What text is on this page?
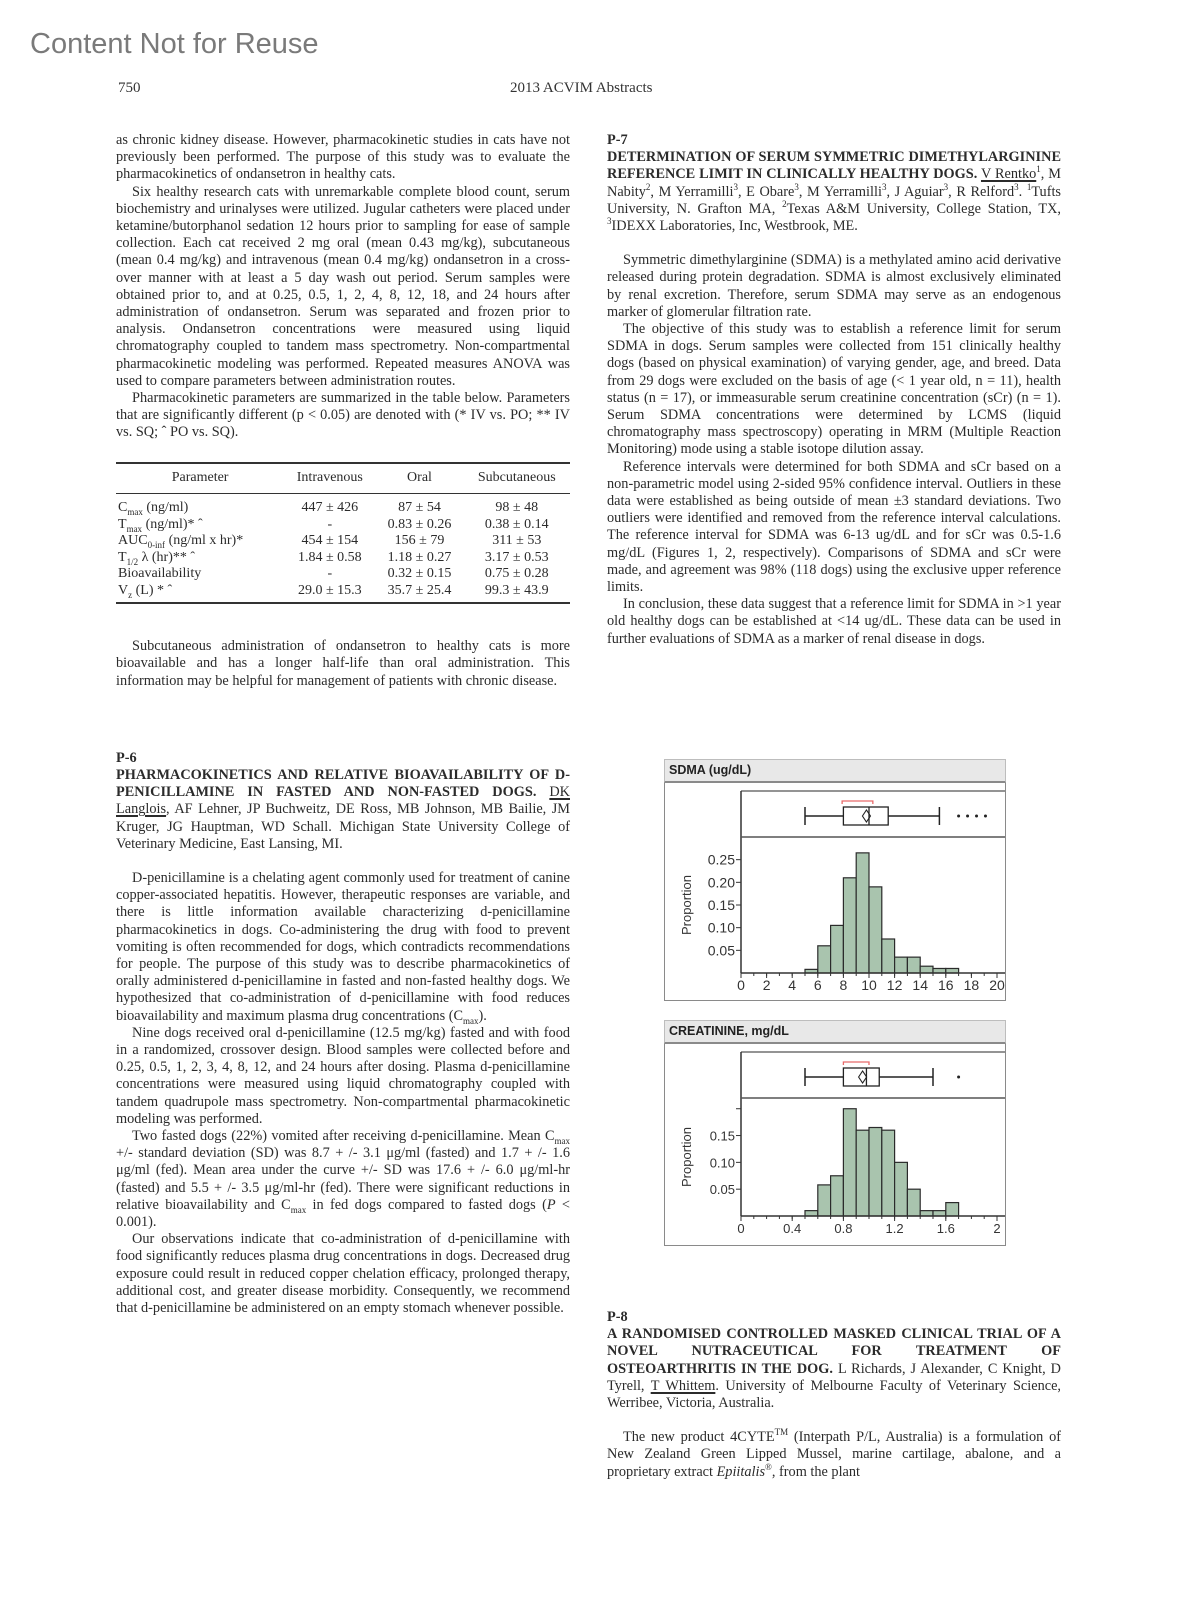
Content Not for Reuse
750	2013 ACVIM Abstracts

as chronic kidney disease. However, pharmacokinetic studies in cats have not previously been performed. The purpose of this study was to evaluate the pharmacokinetics of ondansetron in healthy cats.

Six healthy research cats with unremarkable complete blood count, serum biochemistry and urinalyses were utilized. Jugular catheters were placed under ketamine/butorphanol sedation 12 hours prior to sampling for ease of sample collection. Each cat received 2 mg oral (mean 0.43 mg/kg), subcutaneous (mean 0.4 mg/kg) and intravenous (mean 0.4 mg/kg) ondansetron in a cross-over manner with at least a 5 day wash out period. Serum samples were obtained prior to, and at 0.25, 0.5, 1, 2, 4, 8, 12, 18, and 24 hours after administration of ondansetron. Serum was separated and frozen prior to analysis. Ondansetron concentrations were measured using liquid chromatography coupled to tandem mass spectrometry. Non-compartmental pharmacokinetic modeling was performed. Repeated measures ANOVA was used to compare parameters between administration routes.

Pharmacokinetic parameters are summarized in the table below. Parameters that are significantly different (p < 0.05) are denoted with (* IV vs. PO; ** IV vs. SQ; ˆ PO vs. SQ).

Parameter	Intravenous	Oral	Subcutaneous
$C_{max}$ (ng/ml)	447 ± 426	87 ± 54	98 ± 48
$T_{max}$ (ng/ml)* ˆ	-	0.83 ± 0.26	0.38 ± 0.14
$AUC_{0-inf}$ (ng/ml x hr)*	454 ± 154	156 ± 79	311 ± 53
$T_{1/2}$ λ (hr)** ˆ	1.84 ± 0.58	1.18 ± 0.27	3.17 ± 0.53
Bioavailability	-	0.32 ± 0.15	0.75 ± 0.28
$V_z$ (L) * ˆ	29.0 ± 15.3	35.7 ± 25.4	99.3 ± 43.9

Subcutaneous administration of ondansetron to healthy cats is more bioavailable and has a longer half-life than oral administration. This information may be helpful for management of patients with chronic disease.

P-6

PHARMACOKINETICS AND RELATIVE BIOAVAILABILITY OF D-PENICILLAMINE IN FASTED AND NON-FASTED DOGS. DK Langlois, AF Lehner, JP Buchweitz, DE Ross, MB Johnson, MB Bailie, JM Kruger, JG Hauptman, WD Schall. Michigan State University College of Veterinary Medicine, East Lansing, MI.

D-penicillamine is a chelating agent commonly used for treatment of canine copper-associated hepatitis. However, therapeutic responses are variable, and there is little information available characterizing d-penicillamine pharmacokinetics in dogs. Co-administering the drug with food to prevent vomiting is often recommended for dogs, which contradicts recommendations for people. The purpose of this study was to describe pharmacokinetics of orally administered d-penicillamine in fasted and non-fasted healthy dogs. We hypothesized that co-administration of d-penicillamine with food reduces bioavailability and maximum plasma drug concentrations $(C_{max})$.

Nine dogs received oral d-penicillamine (12.5 mg/kg) fasted and with food in a randomized, crossover design. Blood samples were collected before and 0.25, 0.5, 1, 2, 3, 4, 8, 12, and 24 hours after dosing. Plasma d-penicillamine concentrations were measured using liquid chromatography coupled with tandem quadrupole mass spectrometry. Non-compartmental pharmacokinetic modeling was performed.

Two fasted dogs (22%) vomited after receiving d-penicillamine. Mean $C_{max}$ +/- standard deviation (SD) was 8.7 + /- 3.1 μg/ml (fasted) and 1.7 + /- 1.6 μg/ml (fed). Mean area under the curve +/- SD was 17.6 + /- 6.0 μg/ml-hr (fasted) and 5.5 + /- 3.5 μg/ml-hr (fed). There were significant reductions in relative bioavailability and $C_{max}$ in fed dogs compared to fasted dogs (P < 0.001).

Our observations indicate that co-administration of d-penicillamine with food significantly reduces plasma drug concentrations in dogs. Decreased drug exposure could result in reduced copper chelation efficacy, prolonged therapy, additional cost, and greater disease morbidity. Consequently, we recommend that d-penicillamine be administered on an empty stomach whenever possible.

P-7

DETERMINATION OF SERUM SYMMETRIC DIMETHYLARGININE REFERENCE LIMIT IN CLINICALLY HEALTHY DOGS. V Rentko$^1$, M Nabity$^2$, M Yerramilli$^3$, E Obare$^3$, M Yerramilli$^3$, J Aguiar$^3$, R Relford$^3$. $^1$Tufts University, N. Grafton MA, $^2$Texas A&M University, College Station, TX, $^3$IDEXX Laboratories, Inc, Westbrook, ME.

Symmetric dimethylarginine (SDMA) is a methylated amino acid derivative released during protein degradation. SDMA is almost exclusively eliminated by renal excretion. Therefore, serum SDMA may serve as an endogenous marker of glomerular filtration rate.

The objective of this study was to establish a reference limit for serum SDMA in dogs. Serum samples were collected from 151 clinically healthy dogs (based on physical examination) of varying gender, age, and breed. Data from 29 dogs were excluded on the basis of age (< 1 year old, n = 11), health status (n = 17), or immeasurable serum creatinine concentration (sCr) (n = 1). Serum SDMA concentrations were determined by LCMS (liquid chromatography mass spectroscopy) operating in MRM (Multiple Reaction Monitoring) mode using a stable isotope dilution assay.

Reference intervals were determined for both SDMA and sCr based on a non-parametric model using 2-sided 95% confidence interval. Outliers in these data were established as being outside of mean ±3 standard deviations. Two outliers were identified and removed from the reference interval calculations. The reference interval for SDMA was 6-13 ug/dL and for sCr was 0.5-1.6 mg/dL (Figures 1, 2, respectively). Comparisons of SDMA and sCr were made, and agreement was 98% (118 dogs) using the exclusive upper reference limits.

In conclusion, these data suggest that a reference limit for SDMA in >1 year old healthy dogs can be established at <14 ug/dL. These data can be used in further evaluations of SDMA as a marker of renal disease in dogs.

SDMA (ug/dL)
0 2 4 6 8 10 12 14 16 18 20
0.05
0.10
0.15
0.20
0.25
Proportion
CREATININE, mg/dL
0	0.4	0.8	1.2	1.6	2
0.05
0.10
0.15
Proportion

P-8

A RANDOMISED CONTROLLED MASKED CLINICAL TRIAL OF A NOVEL NUTRACEUTICAL FOR TREATMENT OF OSTEOARTHRITIS IN THE DOG. L Richards, J Alexander, C Knight, D Tyrell, T Whittem. University of Melbourne Faculty of Veterinary Science, Werribee, Victoria, Australia.

The new product 4CYTE™ (Interpath P/L, Australia) is a formulation of New Zealand Green Lipped Mussel, marine cartilage, abalone, and a proprietary extract Epiitalis®, from the plant
